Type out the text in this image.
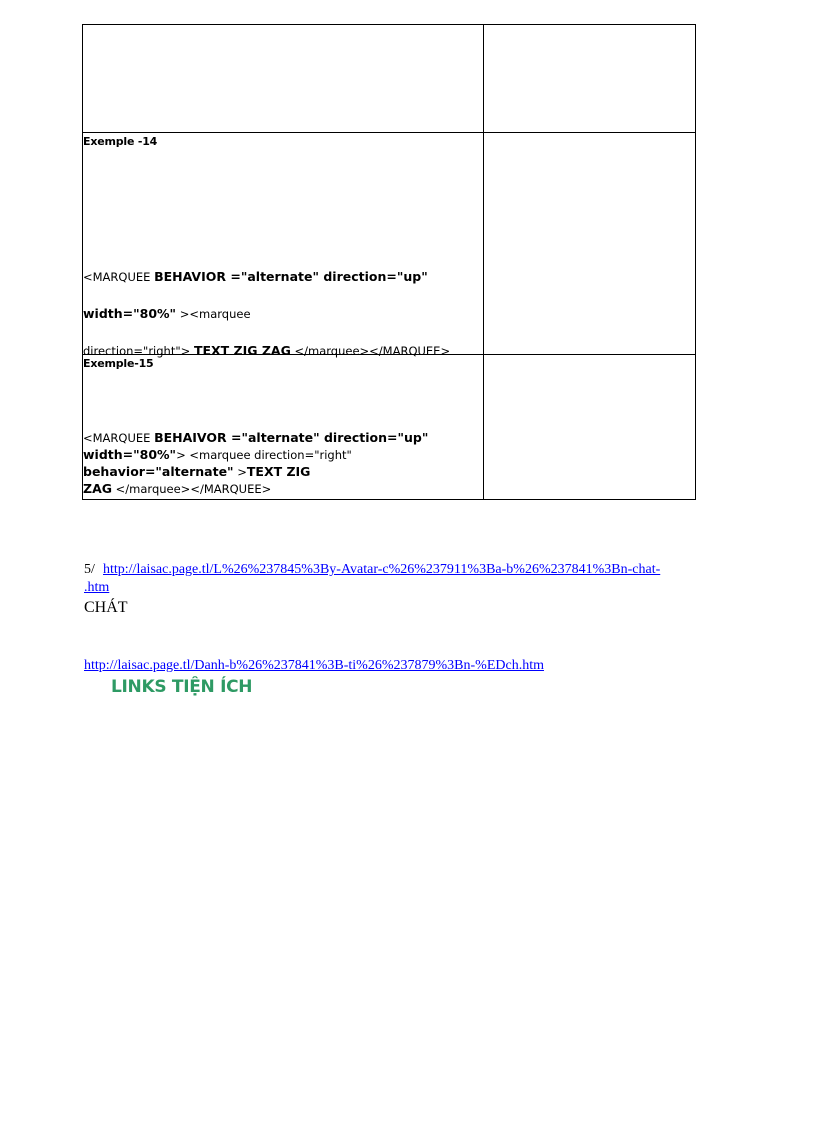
Exemple -14
<MARQUEE BEHAVIOR ="alternate" direction="up"
width="80%" ><marquee
direction="right"> TEXT ZIG ZAG </marquee></MARQUEE>	

Exemple-15
<MARQUEE BEHAIVOR ="alternate" direction="up"
width="80%"> <marquee direction="right"
behavior="alternate" >TEXT ZIG
ZAG </marquee></MARQUEE>	

5/ http://laisac.page.tl/L%26%237845%3By-Avatar-c%26%237911%3Ba-b%26%237841%3Bn-chat-
.htm
CHÁT
http://laisac.page.tl/Danh-b%26%237841%3B-ti%26%237879%3Bn-%EDch.htm
LINKS TIỆN ÍCH
